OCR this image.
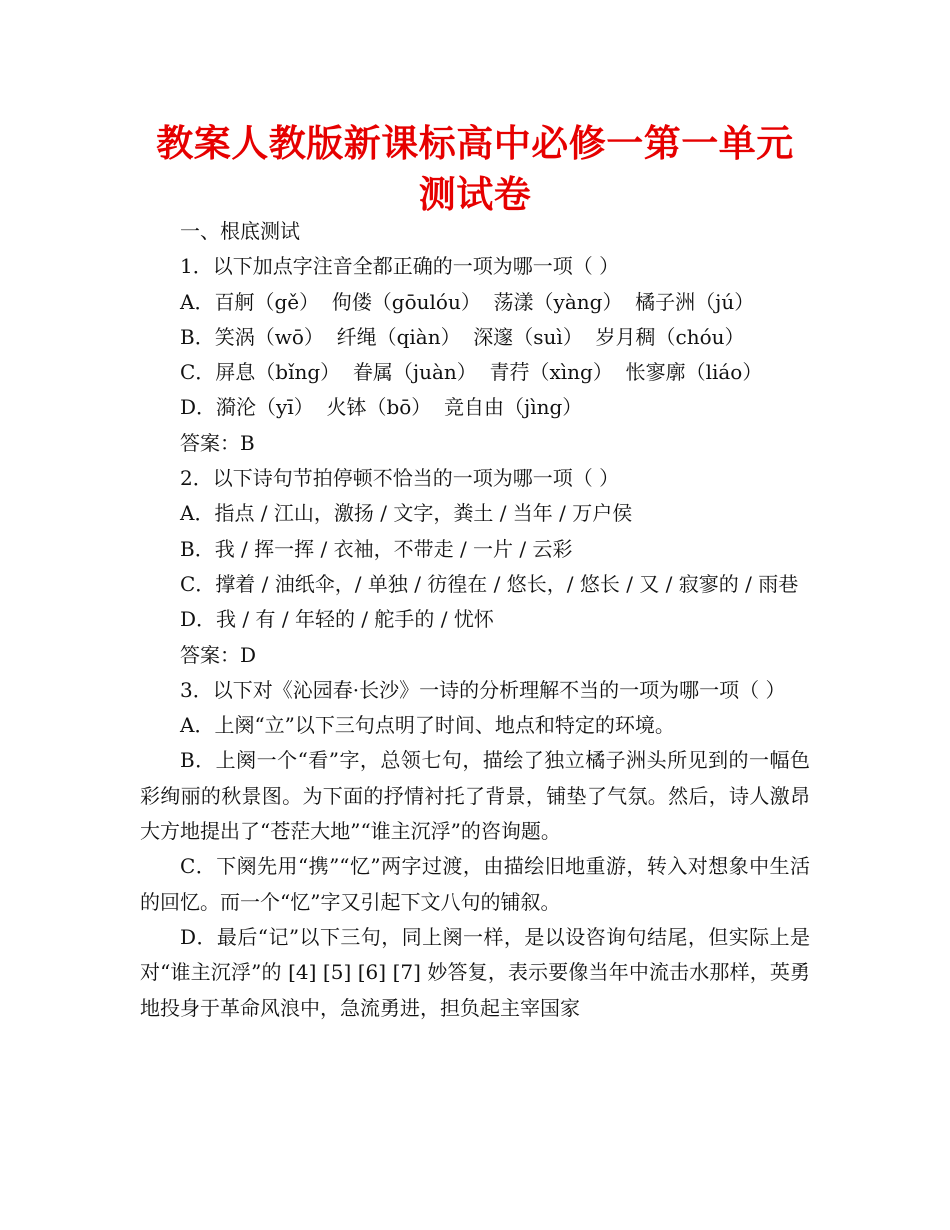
教案人教版新课标高中必修一第一单元测试卷

一、根底测试

1．以下加点字注音全都正确的一项为哪一项（ ）

A．百舸（gě）  佝偻（gōulóu）  荡漾（yàng）  橘子洲（jú）

B．笑涡（wō）  纤绳（qiàn）  深邃（suì）  岁月稠（chóu）

C．屏息（bǐng）  眷属（juàn）  青荇（xìng）  怅寥廓（liáo）

D．漪沦（yī）  火钵（bō）  竞自由（jìng）

答案：B

2．以下诗句节拍停顿不恰当的一项为哪一项（ ）

A．指点 / 江山，激扬 / 文字，粪土 / 当年 / 万户侯

B．我 / 挥一挥 / 衣袖，不带走 / 一片 / 云彩

C．撑着 / 油纸伞，/ 单独 / 彷徨在 / 悠长，/ 悠长 / 又 / 寂寥的 / 雨巷

D．我 / 有 / 年轻的 / 舵手的 / 忧怀

答案：D

3．以下对《沁园春·长沙》一诗的分析理解不当的一项为哪一项（ ）

A．上阕“立”以下三句点明了时间、地点和特定的环境。

B．上阕一个“看”字，总领七句，描绘了独立橘子洲头所见到的一幅色彩绚丽的秋景图。为下面的抒情衬托了背景，铺垫了气氛。然后，诗人激昂大方地提出了“苍茫大地”“谁主沉浮”的咨询题。

C．下阕先用“携”“忆”两字过渡，由描绘旧地重游，转入对想象中生活的回忆。而一个“忆”字又引起下文八句的铺叙。

D．最后“记”以下三句，同上阕一样，是以设咨询句结尾，但实际上是对“谁主沉浮”的 [4] [5] [6] [7] 妙答复，表示要像当年中流击水那样，英勇地投身于革命风浪中，急流勇进，担负起主宰国家
